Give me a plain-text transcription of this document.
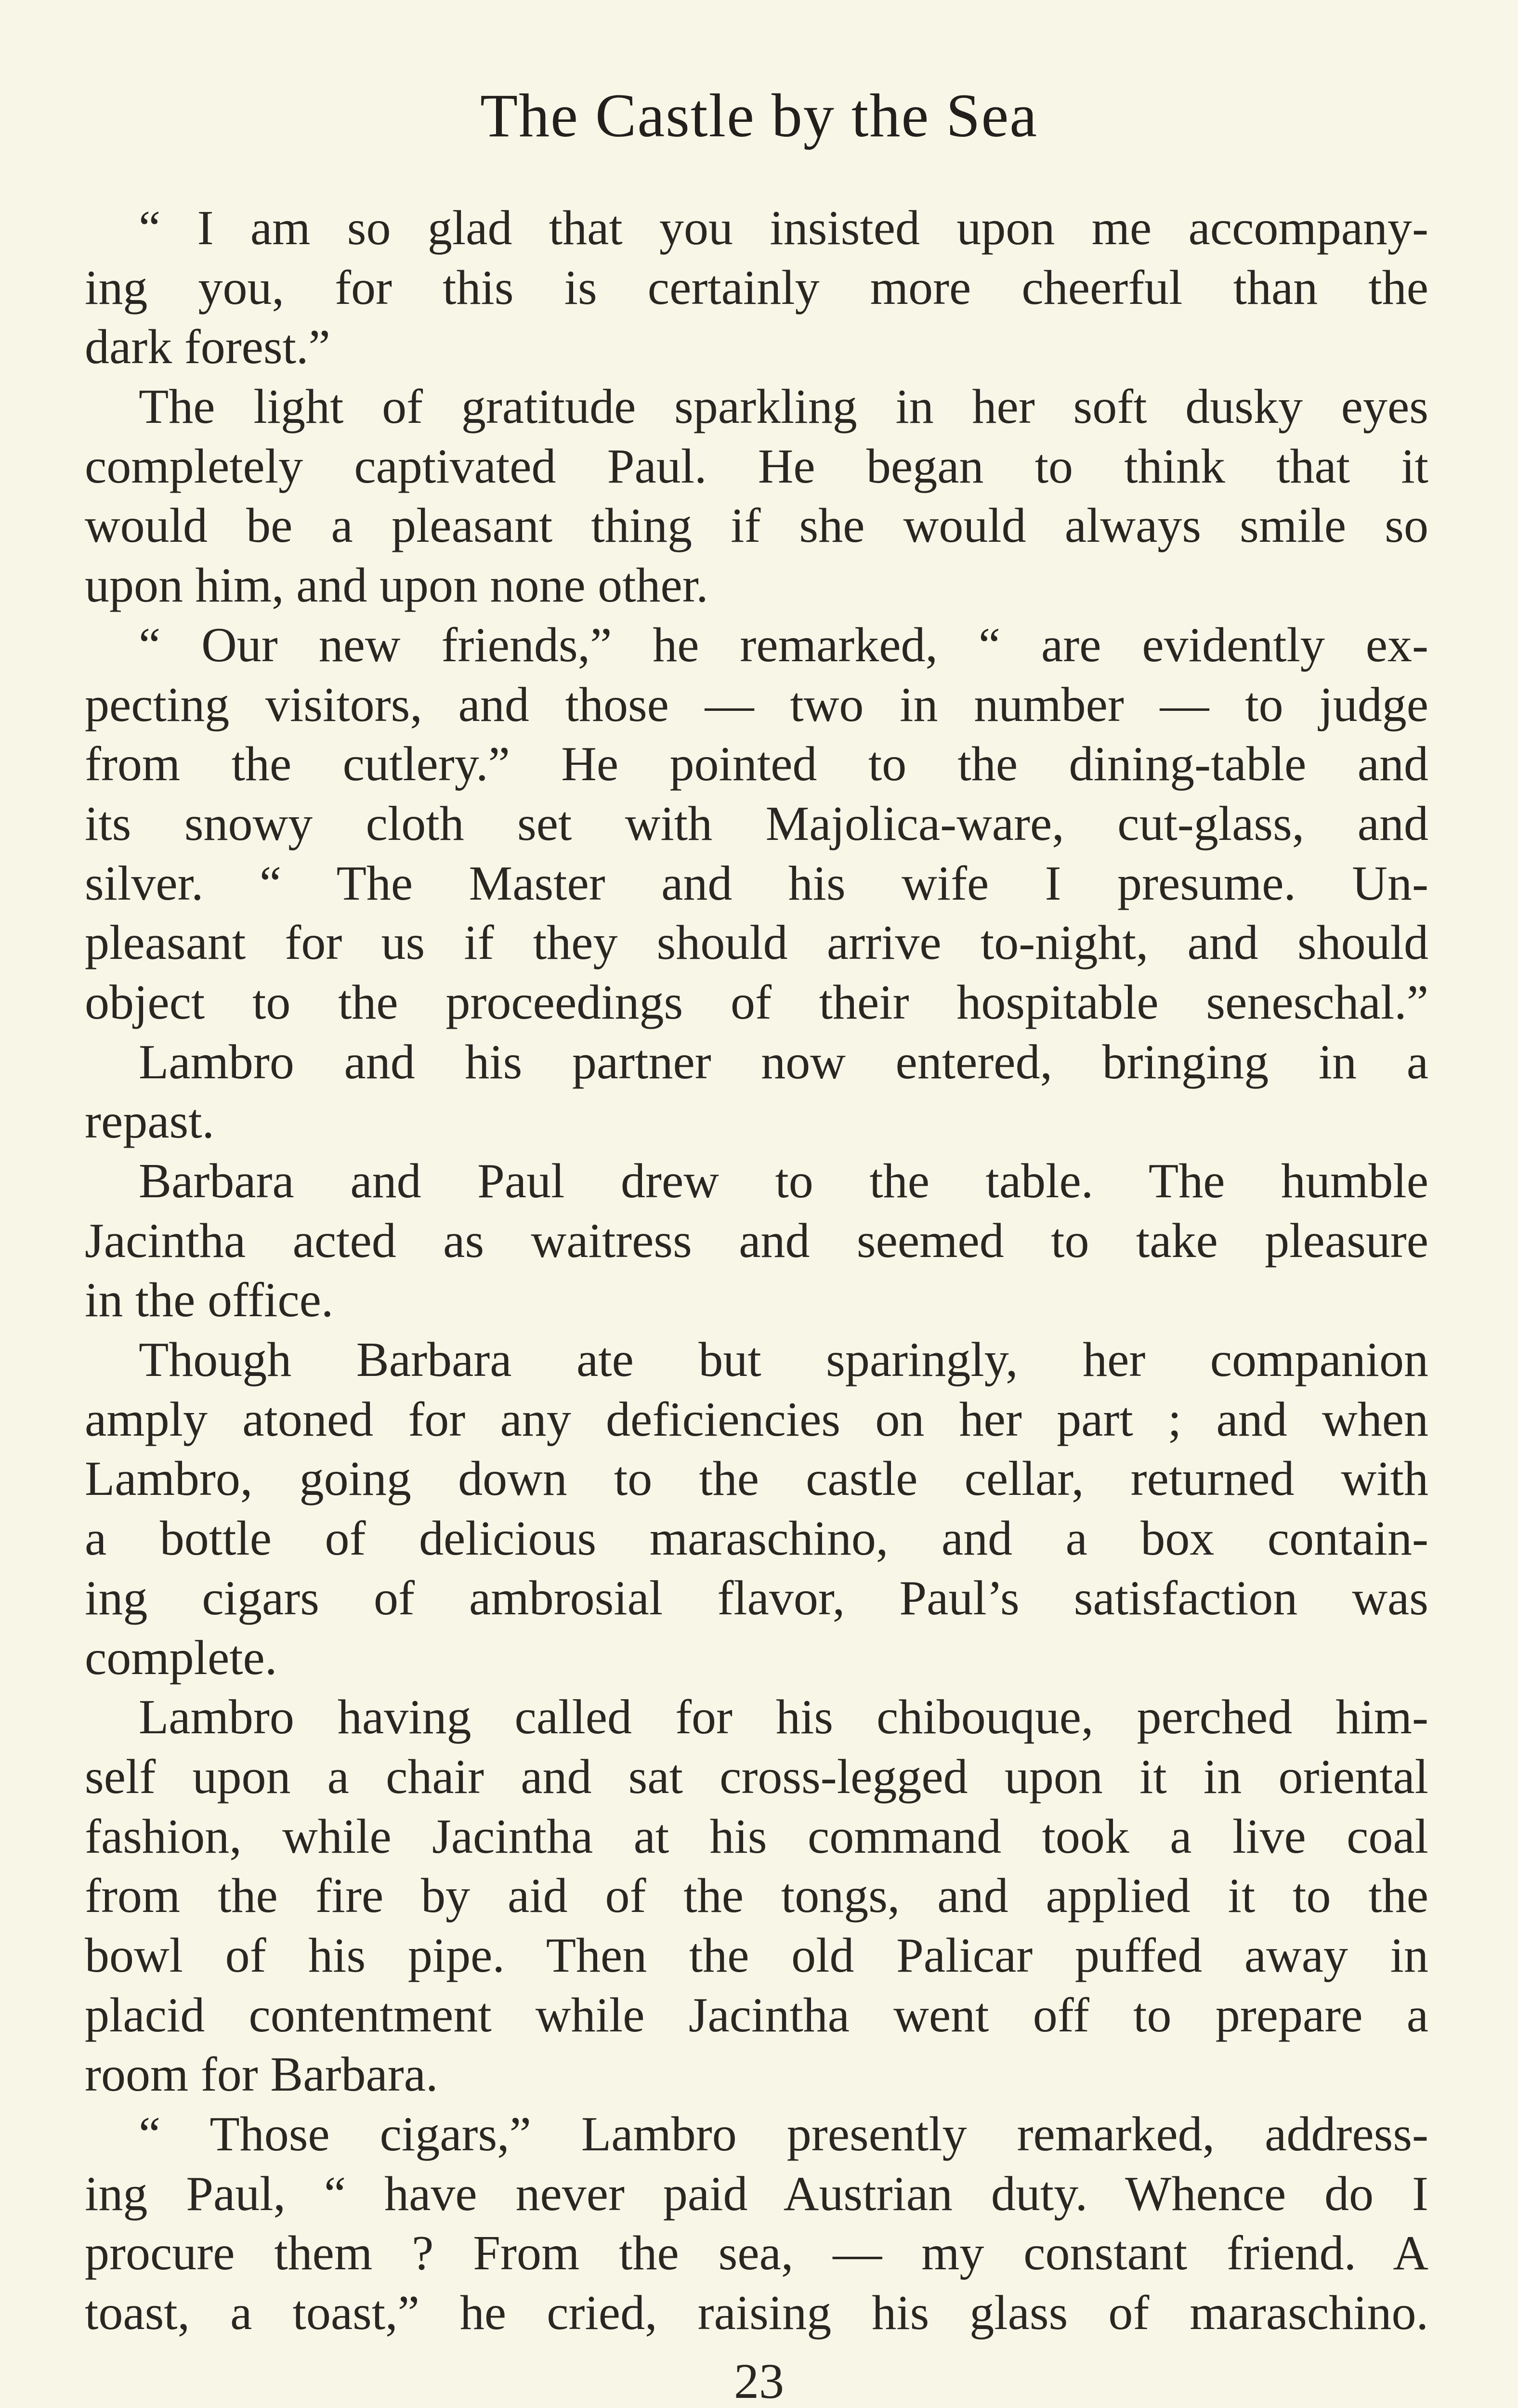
The Castle by the Sea
“ I am so glad that you insisted upon me accompany-
ing you, for this is certainly more cheerful than the
dark forest.”
The light of gratitude sparkling in her soft dusky eyes
completely captivated Paul. He began to think that it
would be a pleasant thing if she would always smile so
upon him, and upon none other.
“ Our new friends,” he remarked, “ are evidently ex-
pecting visitors, and those — two in number — to judge
from the cutlery.” He pointed to the dining-table and
its snowy cloth set with Majolica-ware, cut-glass, and
silver. “ The Master and his wife I presume. Un-
pleasant for us if they should arrive to-night, and should
object to the proceedings of their hospitable seneschal.”
Lambro and his partner now entered, bringing in a
repast.
Barbara and Paul drew to the table. The humble
Jacintha acted as waitress and seemed to take pleasure
in the office.
Though Barbara ate but sparingly, her companion
amply atoned for any deficiencies on her part ; and when
Lambro, going down to the castle cellar, returned with
a bottle of delicious maraschino, and a box contain-
ing cigars of ambrosial flavor, Paul’s satisfaction was
complete.
Lambro having called for his chibouque, perched him-
self upon a chair and sat cross-legged upon it in oriental
fashion, while Jacintha at his command took a live coal
from the fire by aid of the tongs, and applied it to the
bowl of his pipe. Then the old Palicar puffed away in
placid contentment while Jacintha went off to prepare a
room for Barbara.
“ Those cigars,” Lambro presently remarked, address-
ing Paul, “ have never paid Austrian duty. Whence do I
procure them ? From the sea, — my constant friend. A
toast, a toast,” he cried, raising his glass of maraschino.
23
